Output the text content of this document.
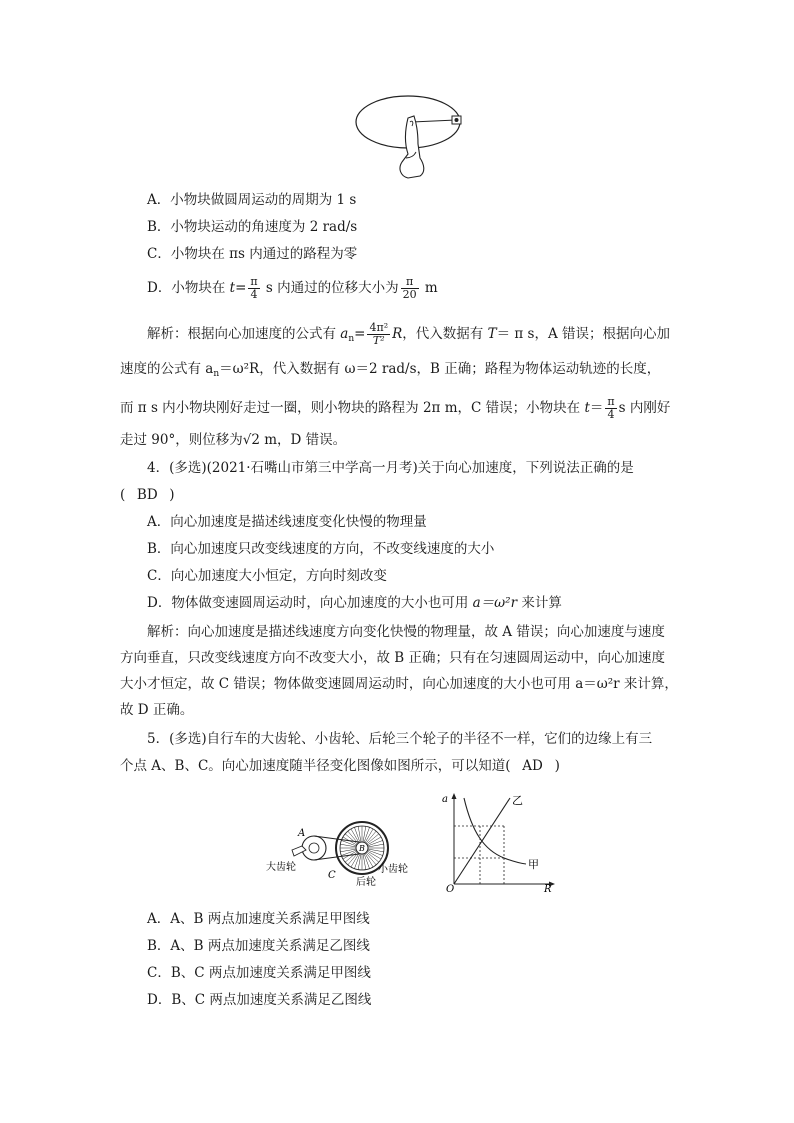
A．小物块做圆周运动的周期为 1 s
B．小物块运动的角速度为 2 rad/s
C．小物块在 πs 内通过的路程为零
D．小物块在 $t= \frac{\pi}{4}$ s 内通过的位移大小为 $\frac{\pi}{20}$ m
解析：根据向心加速度的公式有 $a_n= \frac{\text{4π²}}{\text{T²}}$ R，代入数据有 T＝ π s，A 错误；根据向心加
速度的公式有 $a_n=\omega^2R$，代入数据有 ω＝2 rad/s，B 正确；路程为物体运动轨迹的长度，
而 π s 内小物块刚好走过一圈，则小物块的路程为 2π m，C 错误；小物块在 $t= \frac{\pi}{4}$ s 内刚好
走过 90°，则位移为√2 m，D 错误。
4．(多选)(2021·石嘴山市第三中学高一月考)关于向心加速度，下列说法正确的是
( BD )
A．向心加速度是描述线速度变化快慢的物理量
B．向心加速度只改变线速度的方向，不改变线速度的大小
C．向心加速度大小恒定，方向时刻改变
D．物体做变速圆周运动时，向心加速度的大小也可用 a＝ω²r 来计算
解析：向心加速度是描述线速度方向变化快慢的物理量，故 A 错误；向心加速度与速度
方向垂直，只改变线速度方向不改变大小，故 B 正确；只有在匀速圆周运动中，向心加速度
大小才恒定，故 C 错误；物体做变速圆周运动时，向心加速度的大小也可用 a＝ω²r 来计算，
故 D 正确。
5．(多选)自行车的大齿轮、小齿轮、后轮三个轮子的半径不一样，它们的边缘上有三
个点 A、B、C。向心加速度随半径变化图像如图所示，可以知道( AD )
A
B
C
大齿轮	小齿轮
后轮
a
R
O
乙
甲
A．A、B 两点加速度关系满足甲图线
B．A、B 两点加速度关系满足乙图线
C．B、C 两点加速度关系满足甲图线
D．B、C 两点加速度关系满足乙图线
